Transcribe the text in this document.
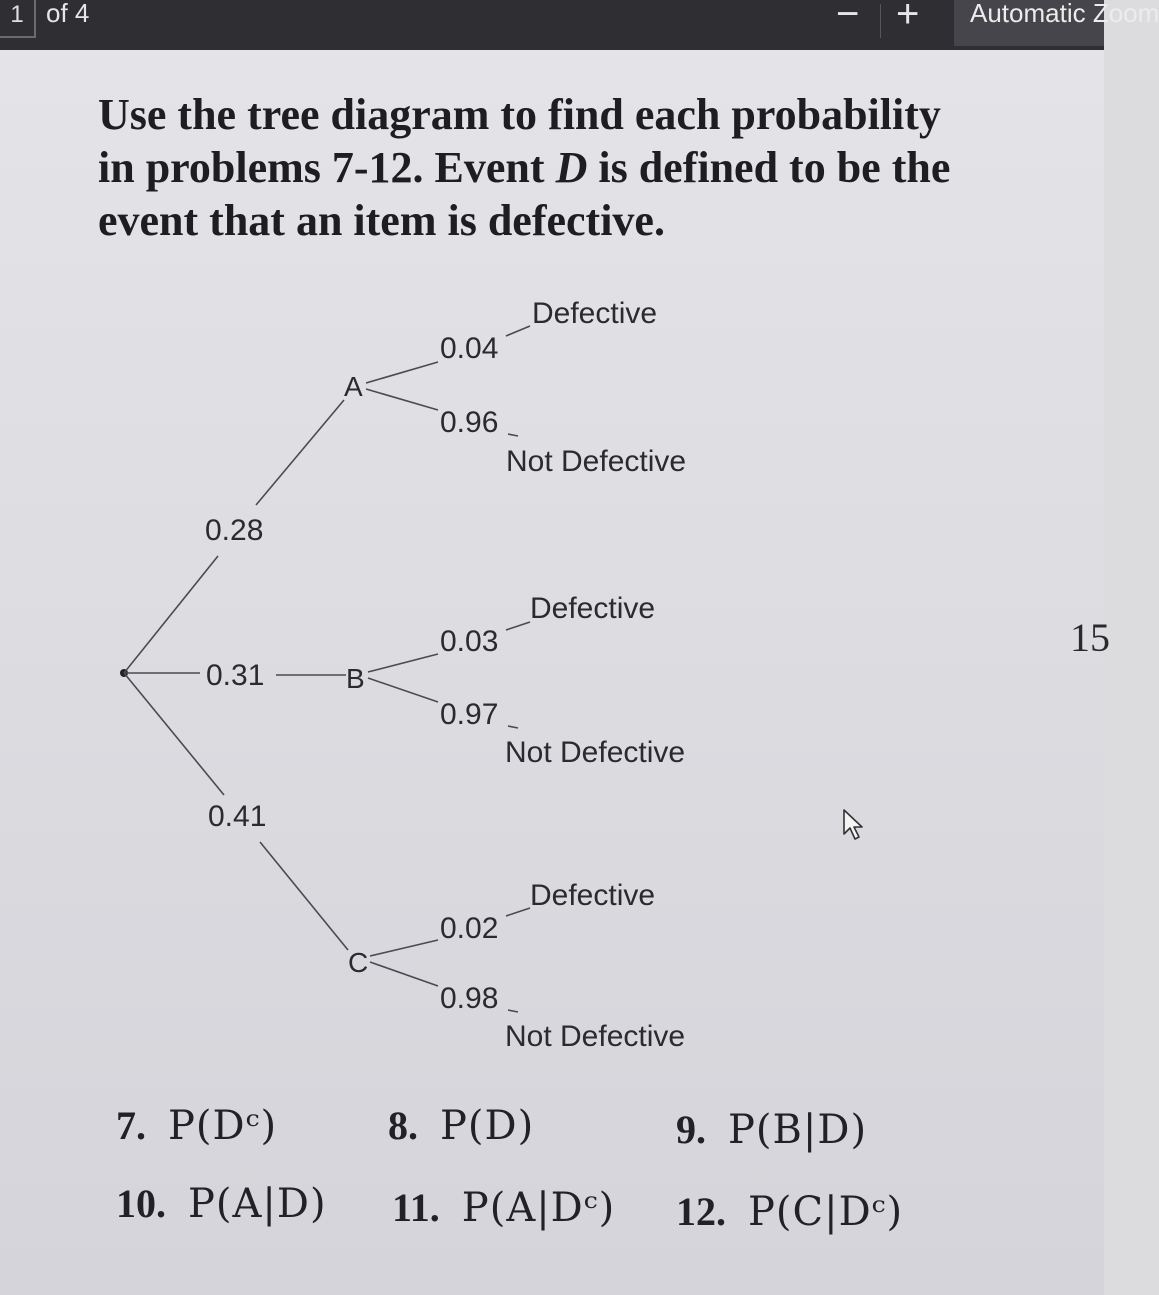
1 of 4	− +	Automatic Zoom

Use the tree diagram to find each probability in problems 7-12. Event D is defined to be the event that an item is defective.

15
0.28
A
0.31	B
0.41
C
0.04
0.96
Defective
Not Defective
0.03
0.97
Defective
Not Defective
0.02
0.98
Defective
Not Defective
7. P(Dᶜ)	8. P(D)	9. P(B|D)
10. P(A|D) 11. P(A|Dᶜ) 12. P(C|Dᶜ)
